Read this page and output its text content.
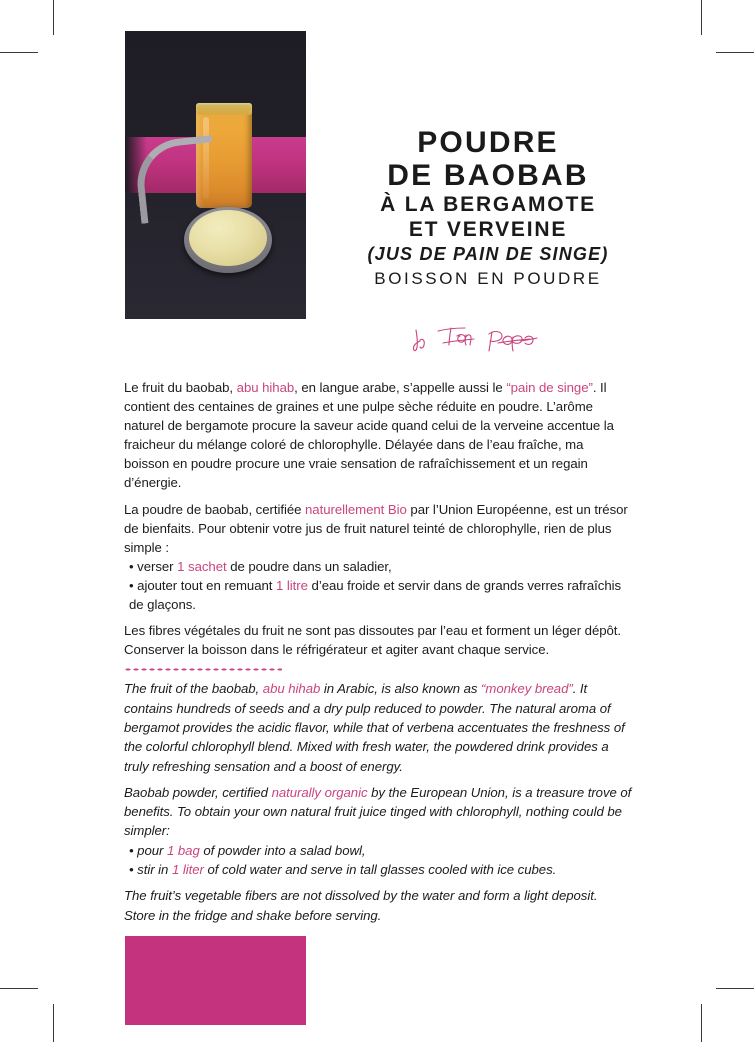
POUDRE
DE BAOBAB
À LA BERGAMOTE
ET VERVEINE
(JUS DE PAIN DE SINGE)
BOISSON EN POUDRE

Le fruit du baobab, abu hihab, en langue arabe, s’appelle aussi le “pain de singe”. Il contient des centaines de graines et une pulpe sèche réduite en poudre. L’arôme naturel de bergamote procure la saveur acide quand celui de la verveine accentue la fraicheur du mélange coloré de chlorophylle. Délayée dans de l’eau fraîche, ma boisson en poudre procure une vraie sensation de rafraîchissement et un regain d’énergie.

La poudre de baobab, certifiée naturellement Bio par l’Union Européenne, est un trésor de bienfaits. Pour obtenir votre jus de fruit naturel teinté de chlorophylle, rien de plus simple :

• verser 1 sachet de poudre dans un saladier,
• ajouter tout en remuant 1 litre d’eau froide et servir dans de grands verres rafraîchis de glaçons.

Les fibres végétales du fruit ne sont pas dissoutes par l’eau et forment un léger dépôt. Conserver la boisson dans le réfrigérateur et agiter avant chaque service.

The fruit of the baobab, abu hihab in Arabic, is also known as “monkey bread”. It contains hundreds of seeds and a dry pulp reduced to powder. The natural aroma of bergamot provides the acidic flavor, while that of verbena accentuates the freshness of the colorful chlorophyll blend. Mixed with fresh water, the powdered drink provides a truly refreshing sensation and a boost of energy.

Baobab powder, certified naturally organic by the European Union, is a treasure trove of benefits. To obtain your own natural fruit juice tinged with chlorophyll, nothing could be simpler:

• pour 1 bag of powder into a salad bowl,
• stir in 1 liter of cold water and serve in tall glasses cooled with ice cubes.

The fruit’s vegetable fibers are not dissolved by the water and form a light deposit. Store in the fridge and shake before serving.
